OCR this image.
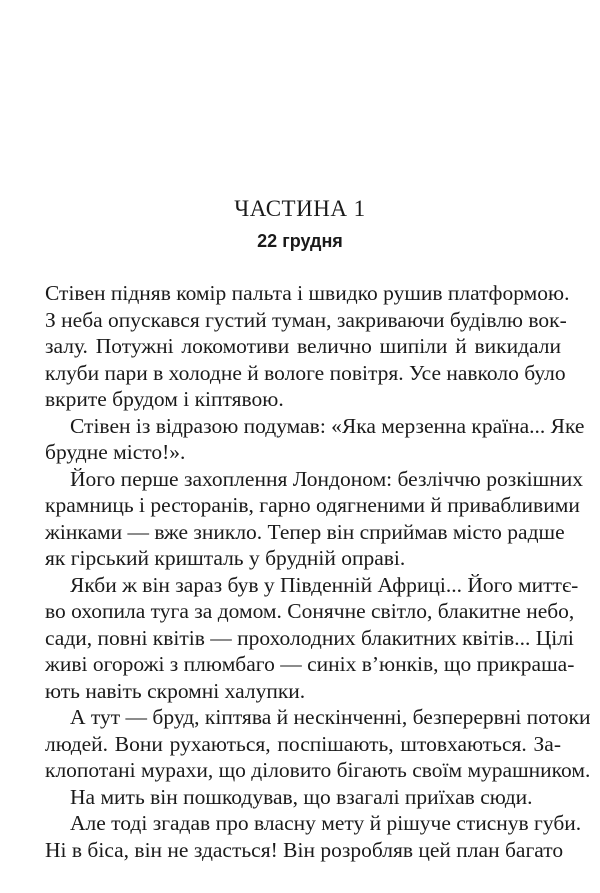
ЧАСТИНА 1
22 грудня
Стівен підняв комір пальта і швидко рушив платформою.
З неба опускався густий туман, закриваючи будівлю вок-
залу. Потужні локомотиви велично шипіли й викидали
клуби пари в холодне й вологе повітря. Усе навколо було
вкрите брудом і кіптявою.
Стівен із відразою подумав: «Яка мерзенна країна... Яке
брудне місто!».
Його перше захоплення Лондоном: безліччю розкішних
крамниць і ресторанів, гарно одягненими й привабливими
жінками — вже зникло. Тепер він сприймав місто радше
як гірський кришталь у брудній оправі.
Якби ж він зараз був у Південній Африці... Його миттє-
во охопила туга за домом. Сонячне світло, блакитне небо,
сади, повні квітів — прохолодних блакитних квітів... Цілі
живі огорожі з плюмбаго — синіх в’юнків, що прикраша-
ють навіть скромні халупки.
А тут — бруд, кіптява й нескінченні, безперервні потоки
людей. Вони рухаються, поспішають, штовхаються. За-
клопотані мурахи, що діловито бігають своїм мурашником.
На мить він пошкодував, що взагалі приїхав сюди.
Але тоді згадав про власну мету й рішуче стиснув губи.
Ні в біса, він не здасться! Він розробляв цей план багато
